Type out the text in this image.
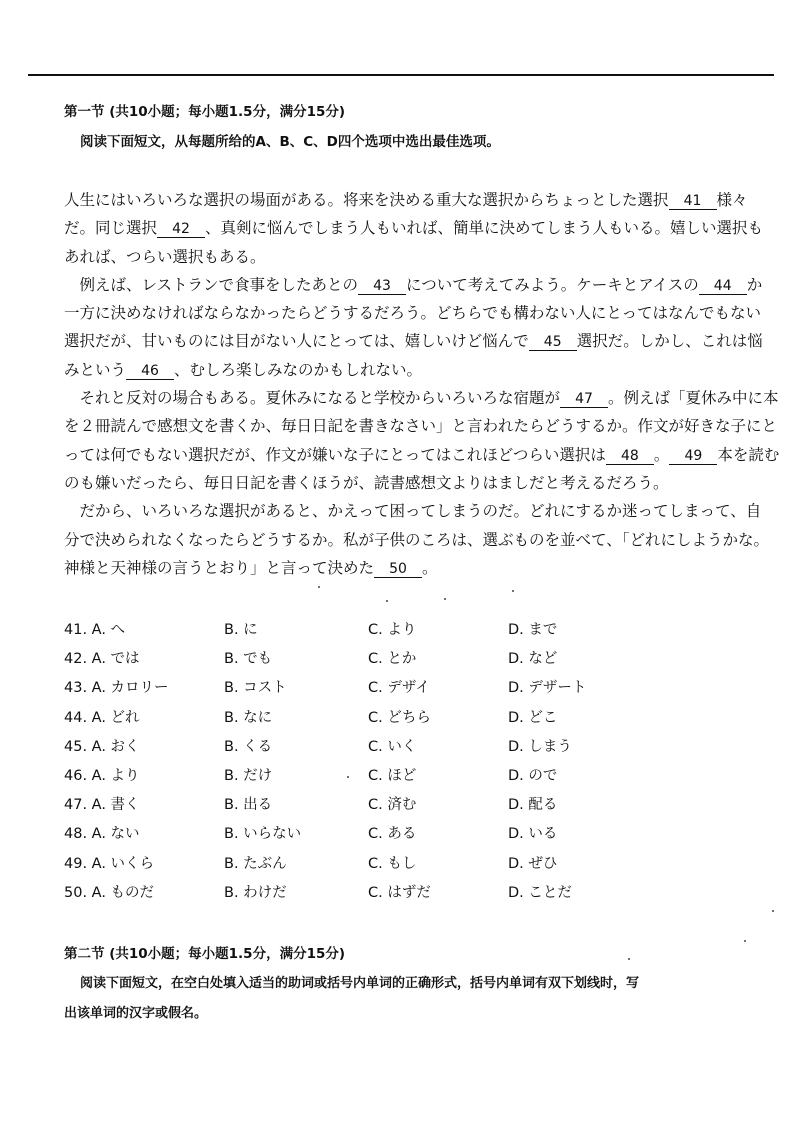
第一节 (共10小题；每小题1.5分，满分15分)
阅读下面短文，从每题所给的A、B、C、D四个选项中选出最佳选项。
人生にはいろいろな選択の場面がある。将来を決める重大な選択からちょっとした選択 41 様々
だ。同じ選択 42 、真剣に悩んでしまう人もいれば、簡単に決めてしまう人もいる。嬉しい選択も
あれば、つらい選択もある。
　例えば、レストランで食事をしたあとの 43 について考えてみよう。ケーキとアイスの 44 か
一方に決めなければならなかったらどうするだろう。どちらでも構わない人にとってはなんでもない
選択だが、甘いものには目がない人にとっては、嬉しいけど悩んで 45 選択だ。しかし、これは悩
みという 46 、むしろ楽しみなのかもしれない。
　それと反対の場合もある。夏休みになると学校からいろいろな宿題が 47 。例えば「夏休み中に本
を２冊読んで感想文を書くか、毎日日記を書きなさい」と言われたらどうするか。作文が好きな子にと
っては何でもない選択だが、作文が嫌いな子にとってはこれほどつらい選択は 48 。 49 本を読む
のも嫌いだったら、毎日日記を書くほうが、読書感想文よりはましだと考えるだろう。
　だから、いろいろな選択があると、かえって困ってしまうのだ。どれにするか迷ってしまって、自
分で決められなくなったらどうするか。私が子供のころは、選ぶものを並べて、「どれにしようかな。
神様と天神様の言うとおり」と言って決めた 50 。
41. A. へ	B. に	C. より	D. まで
42. A. では	B. でも	C. とか	D. など
43. A. カロリー	B. コスト	C. デザイ	D. デザート
44. A. どれ	B. なに	C. どちら	D. どこ
45. A. おく	B. くる	C. いく	D. しまう
46. A. より	B. だけ	C. ほど	D. ので
47. A. 書く	B. 出る	C. 済む	D. 配る
48. A. ない	B. いらない	C. ある	D. いる
49. A. いくら	B. たぶん	C. もし	D. ぜひ
50. A. ものだ	B. わけだ	C. はずだ	D. ことだ
第二节 (共10小题；每小题1.5分，满分15分)
阅读下面短文，在空白处填入适当的助词或括号内单词的正确形式，括号内单词有双下划线时，写
出该单词的汉字或假名。
